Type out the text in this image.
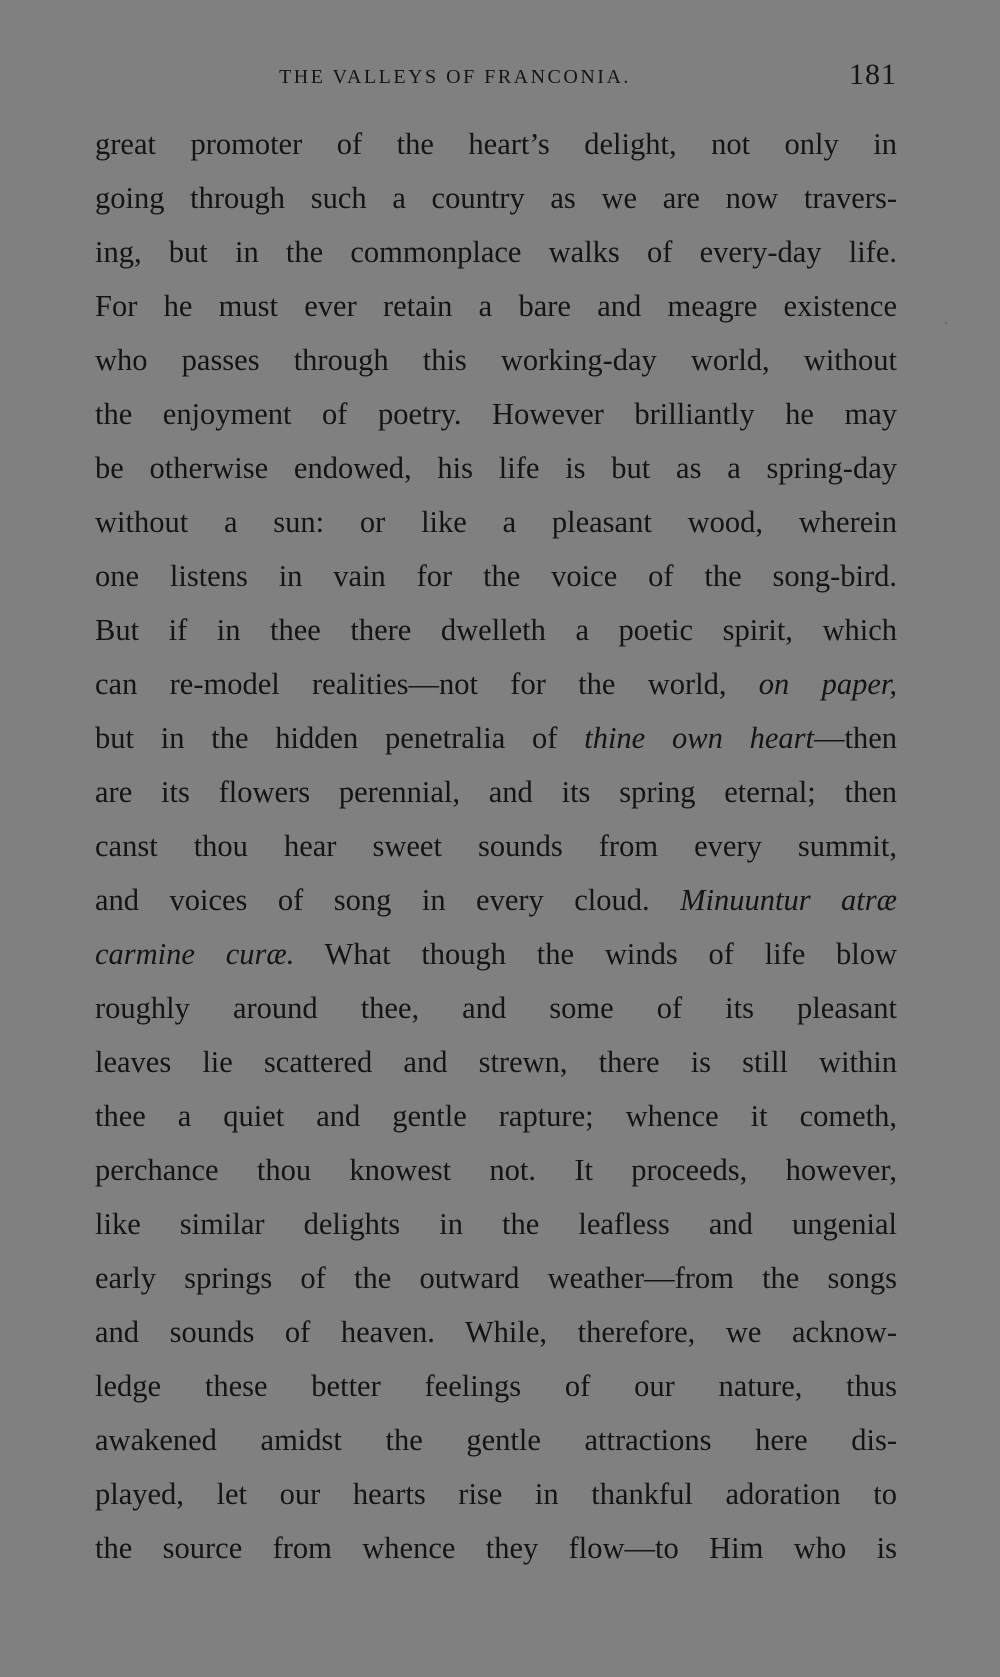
THE VALLEYS OF FRANCONIA.	181
great promoter of the heart’s delight, not only in
going through such a country as we are now travers-
ing, but in the commonplace walks of every-day life.
For he must ever retain a bare and meagre existence
who passes through this working-day world, without
the enjoyment of poetry. However brilliantly he may
be otherwise endowed, his life is but as a spring-day
without a sun: or like a pleasant wood, wherein
one listens in vain for the voice of the song-bird.
But if in thee there dwelleth a poetic spirit, which
can re-model realities—not for the world, on paper,
but in the hidden penetralia of thine own heart—then
are its flowers perennial, and its spring eternal; then
canst thou hear sweet sounds from every summit,
and voices of song in every cloud. Minuuntur atræ
carmine curæ. What though the winds of life blow
roughly around thee, and some of its pleasant
leaves lie scattered and strewn, there is still within
thee a quiet and gentle rapture; whence it cometh,
perchance thou knowest not. It proceeds, however,
like similar delights in the leafless and ungenial
early springs of the outward weather—from the songs
and sounds of heaven. While, therefore, we acknow-
ledge these better feelings of our nature, thus
awakened amidst the gentle attractions here dis-
played, let our hearts rise in thankful adoration to
the source from whence they flow—to Him who is
